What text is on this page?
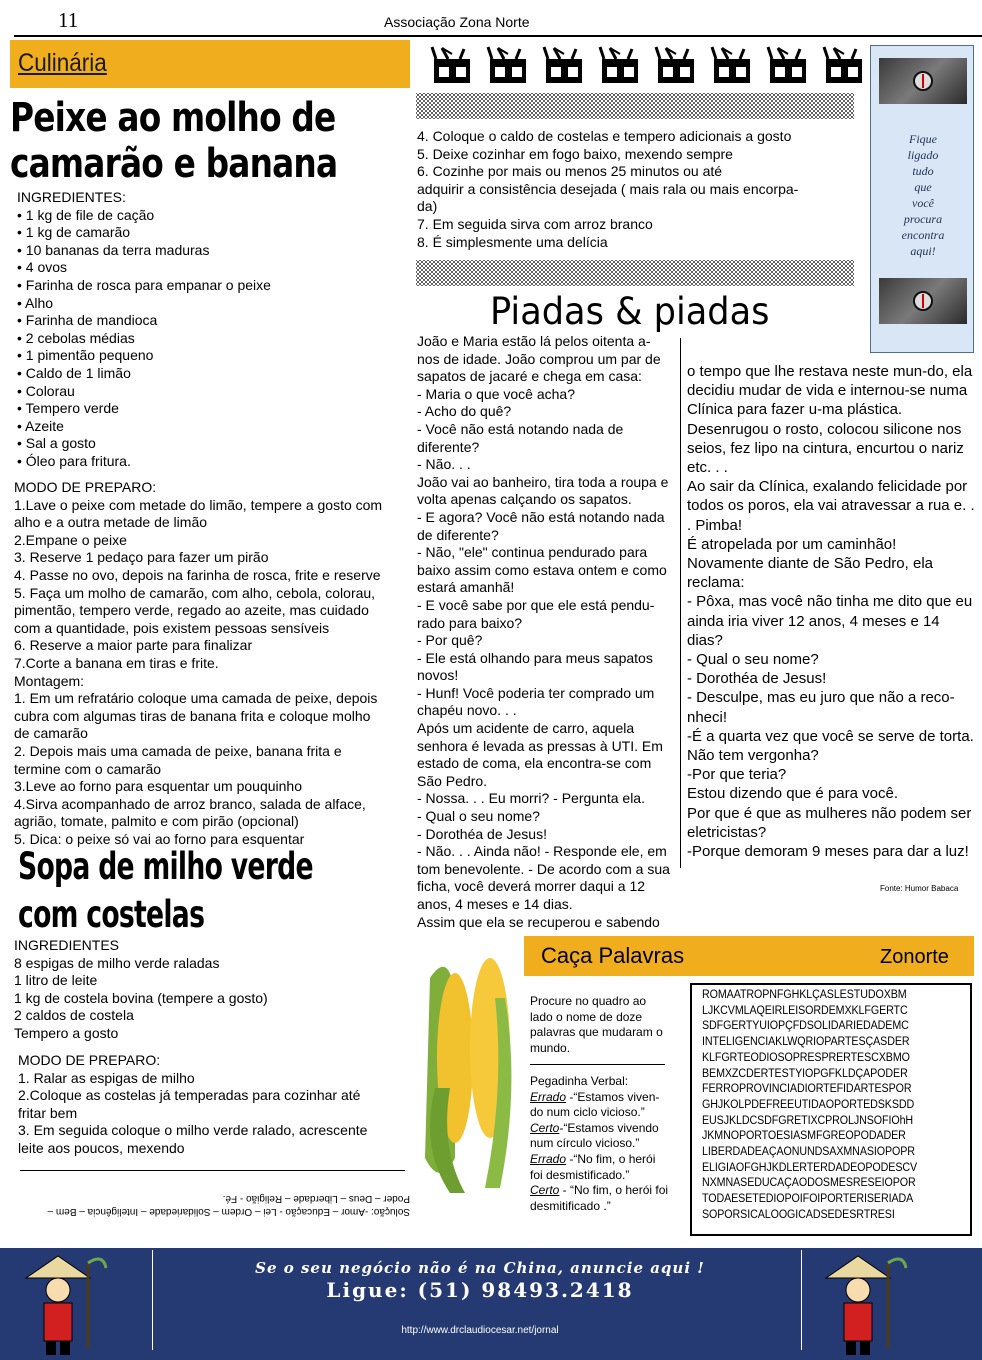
11	Associação Zona Norte
Culinária
Peixe ao molho de
camarão e banana
INGREDIENTES:
• 1 kg de file de cação
• 1 kg de camarão
• 10 bananas da terra maduras
• 4 ovos
• Farinha de rosca para empanar o peixe
• Alho
• Farinha de mandioca
• 2 cebolas médias
• 1 pimentão pequeno
• Caldo de 1 limão
• Colorau
• Tempero verde
• Azeite
• Sal a gosto
• Óleo para fritura.
MODO DE PREPARO:
1.Lave o peixe com metade do limão, tempere a gosto com
alho e a outra metade de limão
2.Empane o peixe
3. Reserve 1 pedaço para fazer um pirão
4. Passe no ovo, depois na farinha de rosca, frite e reserve
5. Faça um molho de camarão, com alho, cebola, colorau,
pimentão, tempero verde, regado ao azeite, mas cuidado
com a quantidade, pois existem pessoas sensíveis
6. Reserve a maior parte para finalizar
7.Corte a banana em tiras e frite.
Montagem:
1. Em um refratário coloque uma camada de peixe, depois
cubra com algumas tiras de banana frita e coloque molho
de camarão
2. Depois mais uma camada de peixe, banana frita e
termine com o camarão
3.Leve ao forno para esquentar um pouquinho
4.Sirva acompanhado de arroz branco, salada de alface,
agrião, tomate, palmito e com pirão (opcional)
5. Dica: o peixe só vai ao forno para esquentar
Sopa de milho verde
com costelas
INGREDIENTES
8 espigas de milho verde raladas
1 litro de leite
1 kg de costela bovina (tempere a gosto)
2 caldos de costela
Tempero a gosto
MODO DE PREPARO:
1. Ralar as espigas de milho
2.Coloque as costelas já temperadas para cozinhar até
fritar bem
3. Em seguida coloque o milho verde ralado, acrescente
leite aos poucos, mexendo
Solução: -Amor – Educação - Lei – Ordem – Solidariedade – Inteligência – Bem – Poder – Deus – Liberdade – Religião - Fé.
4. Coloque o caldo de costelas e tempero adicionais a gosto
5. Deixe cozinhar em fogo baixo, mexendo sempre
6. Cozinhe por mais ou menos 25 minutos ou até
adquirir a consistência desejada ( mais rala ou mais encorpa-
da)
7. Em seguida sirva com arroz branco
8. É simplesmente uma delícia
Fique
ligado
tudo
que
você
procura
encontra
aqui!
Piadas & piadas
João e Maria estão lá pelos oitenta a-nos de idade. João comprou um par de sapatos de jacaré e chega em casa:
- Maria o que você acha?
- Acho do quê?
- Você não está notando nada de diferente?
- Não. . .
João vai ao banheiro, tira toda a roupa e volta apenas calçando os sapatos.
- E agora? Você não está notando nada de diferente?
- Não, "ele" continua pendurado para baixo assim como estava ontem e como estará amanhã!
- E você sabe por que ele está pendu-rado para baixo?
- Por quê?
- Ele está olhando para meus sapatos novos!
- Hunf! Você poderia ter comprado um chapéu novo. . .
Após um acidente de carro, aquela senhora é levada as pressas à UTI. Em estado de coma, ela encontra-se com São Pedro.
- Nossa. . . Eu morri? - Pergunta ela.
- Qual o seu nome?
- Dorothéa de Jesus!
- Não. . . Ainda não! - Responde ele, em tom benevolente. - De acordo com a sua ficha, você deverá morrer daqui a 12 anos, 4 meses e 14 dias.
Assim que ela se recuperou e sabendo
o tempo que lhe restava neste mun-do, ela decidiu mudar de vida e internou-se numa Clínica para fazer u-ma plástica. Desenrugou o rosto, colocou silicone nos seios, fez lipo na cintura, encurtou o nariz etc. . .
Ao sair da Clínica, exalando felicidade por todos os poros, ela vai atravessar a rua e. . . Pimba!
É atropelada por um caminhão!
Novamente diante de São Pedro, ela reclama:
- Pôxa, mas você não tinha me dito que eu ainda iria viver 12 anos, 4 meses e 14 dias?
- Qual o seu nome?
- Dorothéa de Jesus!
- Desculpe, mas eu juro que não a reco-nheci!
-É a quarta vez que você se serve de torta. Não tem vergonha?
-Por que teria?
Estou dizendo que é para você.
Por que é que as mulheres não podem ser eletricistas?
-Porque demoram 9 meses para dar a luz!
Fonte: Humor Babaca
Caça Palavras	Zonorte
Procure no quadro ao lado o nome de doze palavras que mudaram o mundo.
Pegadinha Verbal:
Errado -“Estamos viven-do num ciclo vicioso.”
Certo-“Estamos vivendo num círculo vicioso.”
Errado -“No fim, o herói foi desmistificado.”
Certo - “No fim, o herói foi desmitificado .”
ROMAATROPNFGHKLÇASLESTUDOXBM
LJKCVMLAQEIRLEISORDEMXKLFGERTC
SDFGERTYUIOPÇFDSOLIDARIEDADEMC
INTELIGENCIAKLWQRIOPARTESÇASDER
KLFGRTEODIOSOPRESPRERTESCXBMO
BEMXZCDERTESTYIOPGFKLDÇAPODER
FERROPROVINCIADIORTEFIDARTESPOR
GHJKOLPDEFREEUTIDAOPORTEDSKSDD
EUSJKLDCSDFGRETIXCPROLJNSOFIOhH
JKMNOPORTOESIASMFGREOPODADER
LIBERDADEAÇAONUNDSAXMNASIOPOPR
ELIGIAOFGHJKDLERTERDADEOPODESCV
NXMNASEDUCAÇAODOSMESRESEIOPOR
TODAESETEDIOPOIFOIPORTERISERIADA
SOPORSICALOOGICADSEDESRTRESI
Se o seu negócio não é na China, anuncie aqui !
Ligue: (51) 98493.2418
http://www.drclaudiocesar.net/jornal
